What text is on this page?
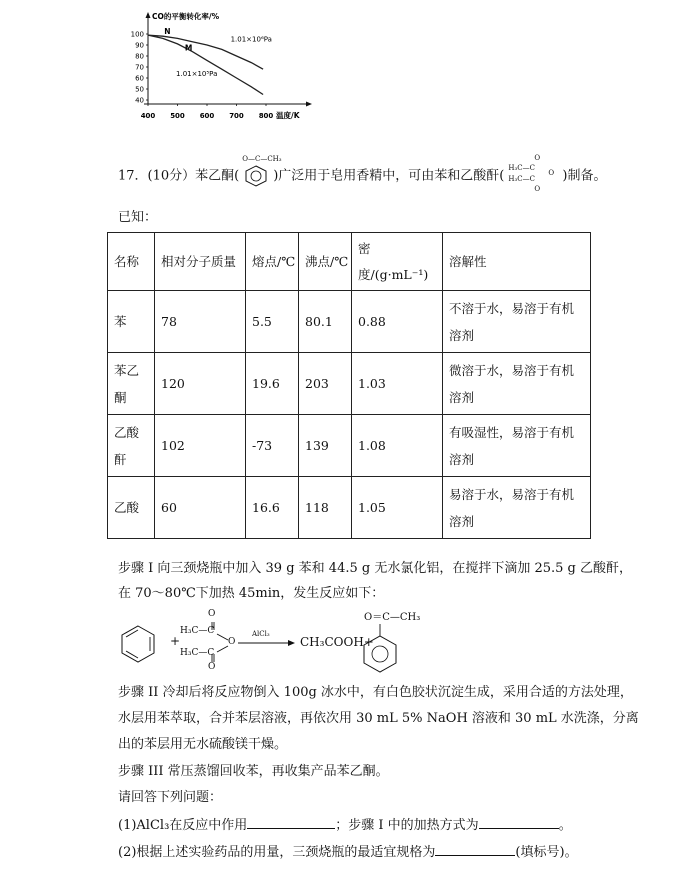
CO的平衡转化率/%
温度/K
40
50
60
70
80
90
100
400 500 600 700 800
1.01×10⁶Pa
1.01×10⁵Pa
N
M
17．(10分）苯乙酮(
O—C—CH₃
)广泛用于皂用香精中，可由苯和乙酸酐(
O
H₃C—C
O
H₃C—C
O
)制备。
已知：
名称	相对分子质量	熔点/℃	沸点/℃	密度/(g·mL⁻¹)	溶解性
苯	78	5.5	80.1	0.88	不溶于水，易溶于有机溶剂
苯乙酮	120	19.6	203	1.03	微溶于水，易溶于有机溶剂
乙酸酐	102	-73	139	1.08	有吸湿性，易溶于有机溶剂
乙酸	60	16.6	118	1.05	易溶于水，易溶于有机溶剂
步骤 I 向三颈烧瓶中加入 39 g 苯和 44.5 g 无水氯化铝，在搅拌下滴加 25.5 g 乙酸酐，
在 70～80℃下加热 45min，发生反应如下：
+
O
H₃C—C
O
H₃C—C
O
AlCl₃
CH₃COOH+
O＝C—CH₃
步骤 II 冷却后将反应物倒入 100g 冰水中，有白色胶状沉淀生成，采用合适的方法处理，
水层用苯萃取，合并苯层溶液，再依次用 30 mL 5% NaOH 溶液和 30 mL 水洗涤，分离
出的苯层用无水硫酸镁干燥。
步骤 III 常压蒸馏回收苯，再收集产品苯乙酮。
请回答下列问题：
(1)AlCl₃在反应中作用	；步骤 I 中的加热方式为	。
(2)根据上述实验药品的用量，三颈烧瓶的最适宜规格为	(填标号)。
